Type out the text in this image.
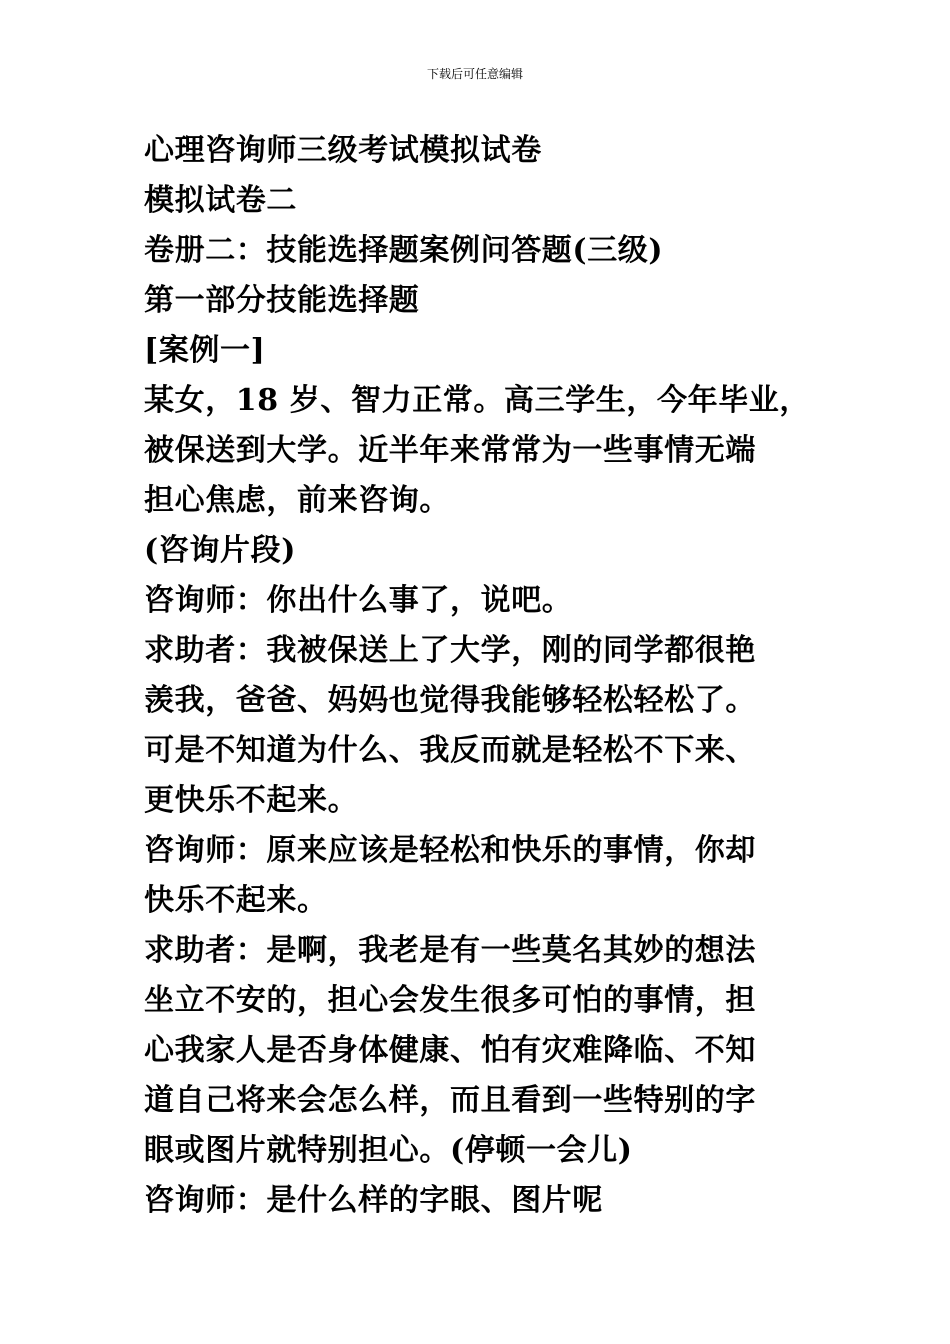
下载后可任意编辑
心理咨询师三级考试模拟试卷
模拟试卷二
卷册二：技能选择题案例问答题(三级)
第一部分技能选择题
[案例一]
某女，18 岁、智力正常。高三学生，今年毕业，
被保送到大学。近半年来常常为一些事情无端
担心焦虑，前来咨询。
(咨询片段)
咨询师：你出什么事了，说吧。
求助者：我被保送上了大学，刚的同学都很艳
羡我，爸爸、妈妈也觉得我能够轻松轻松了。
可是不知道为什么、我反而就是轻松不下来、
更快乐不起来。
咨询师：原来应该是轻松和快乐的事情，你却
快乐不起来。
求助者：是啊，我老是有一些莫名其妙的想法
坐立不安的，担心会发生很多可怕的事情，担
心我家人是否身体健康、怕有灾难降临、不知
道自己将来会怎么样，而且看到一些特别的字
眼或图片就特别担心。(停顿一会儿)
咨询师：是什么样的字眼、图片呢
